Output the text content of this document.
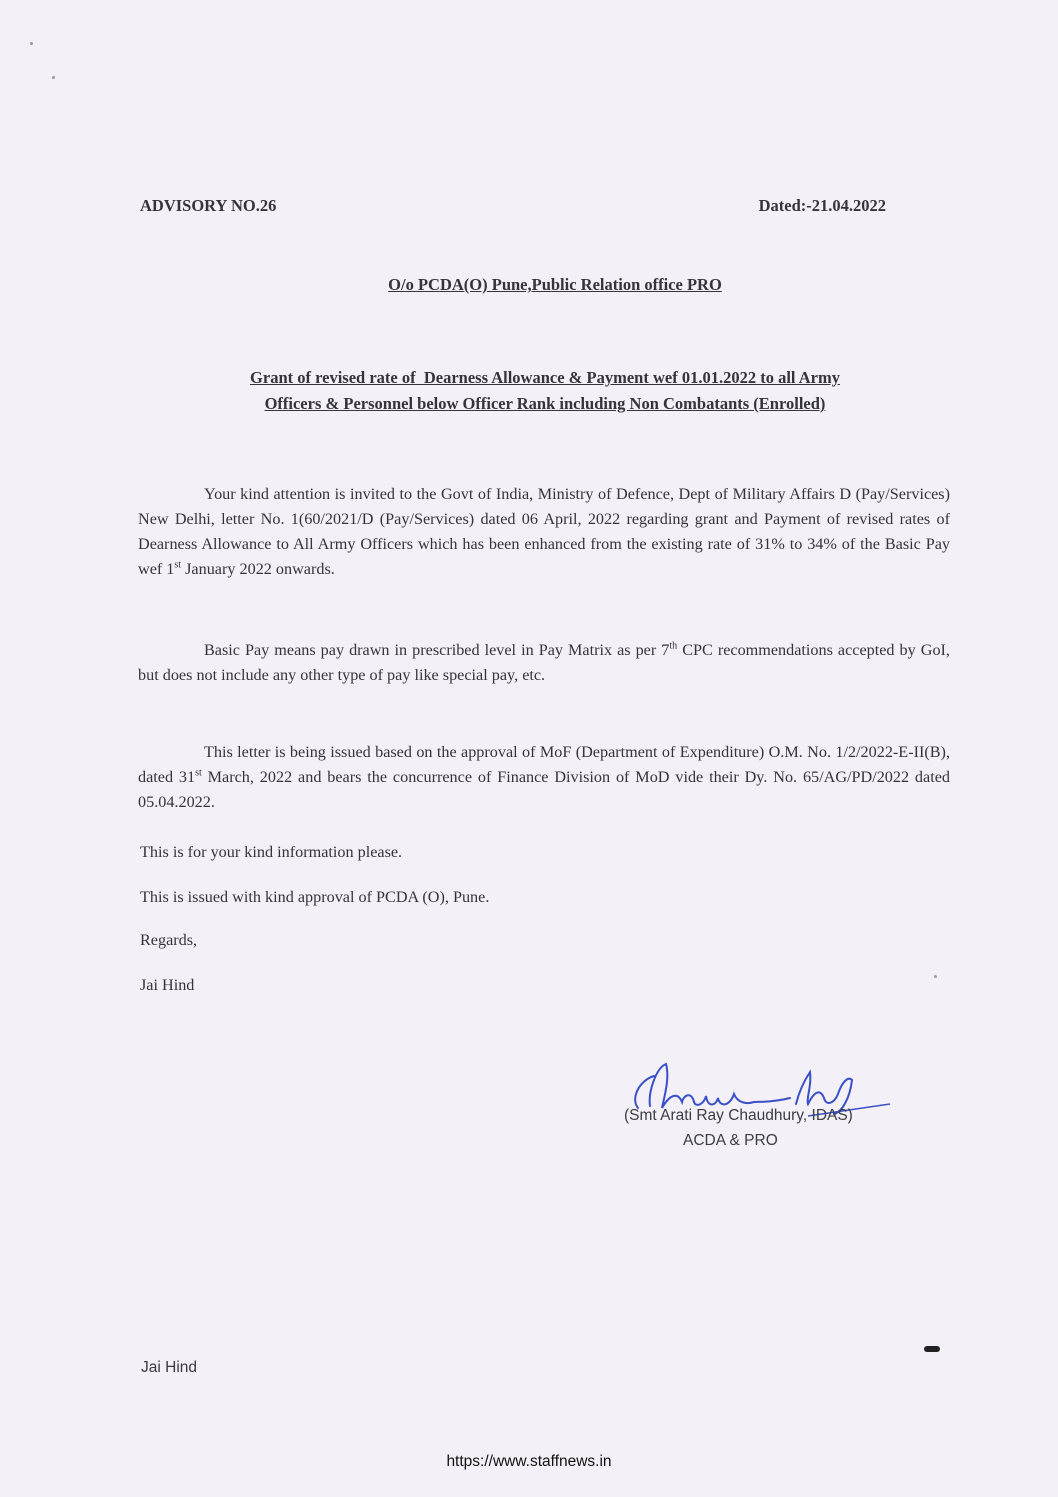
ADVISORY NO.26	Dated:-21.04.2022
O/o PCDA(O) Pune,Public Relation office PRO
Grant of revised rate of  Dearness Allowance & Payment wef 01.01.2022 to all Army
Officers & Personnel below Officer Rank including Non Combatants (Enrolled)
Your kind attention is invited to the Govt of India, Ministry of Defence, Dept of Military Affairs D (Pay/Services) New Delhi, letter No. 1(60/2021/D (Pay/Services) dated 06 April, 2022 regarding grant and Payment of revised rates of Dearness Allowance to All Army Officers which has been enhanced from the existing rate of 31% to 34% of the Basic Pay wef 1st January 2022 onwards.
Basic Pay means pay drawn in prescribed level in Pay Matrix as per 7th CPC recommendations accepted by GoI, but does not include any other type of pay like special pay, etc.
This letter is being issued based on the approval of MoF (Department of Expenditure) O.M. No. 1/2/2022-E-II(B), dated 31st March, 2022 and bears the concurrence of Finance Division of MoD vide their Dy. No. 65/AG/PD/2022 dated 05.04.2022.
This is for your kind information please.
This is issued with kind approval of PCDA (O), Pune.
Regards,
Jai Hind
(Smt Arati Ray Chaudhury, IDAS)
ACDA & PRO
Jai Hind
https://www.staffnews.in
